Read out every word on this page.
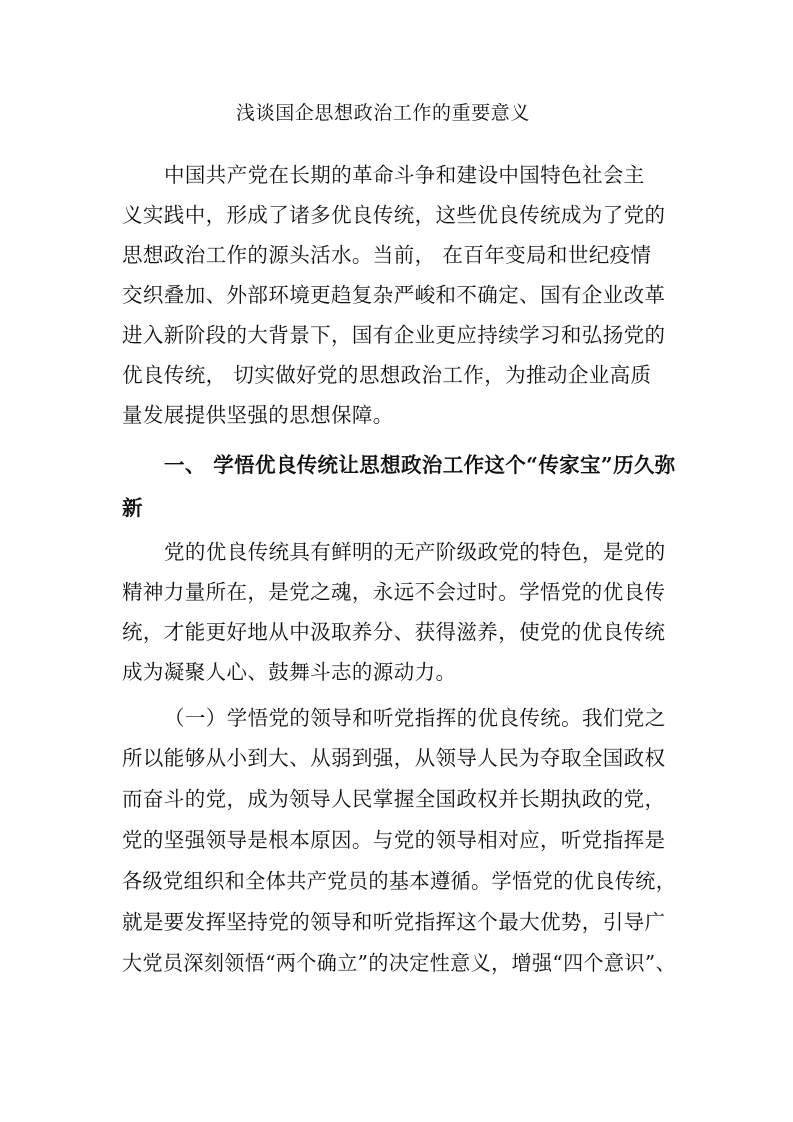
浅谈国企思想政治工作的重要意义
中国共产党在长期的革命斗争和建设中国特色社会主
义实践中，形成了诸多优良传统，这些优良传统成为了党的
思想政治工作的源头活水。当前， 在百年变局和世纪疫情
交织叠加、外部环境更趋复杂严峻和不确定、国有企业改革
进入新阶段的大背景下，国有企业更应持续学习和弘扬党的
优良传统， 切实做好党的思想政治工作，为推动企业高质
量发展提供坚强的思想保障。
一、 学悟优良传统让思想政治工作这个“传家宝”历久弥
新
党的优良传统具有鲜明的无产阶级政党的特色，是党的
精神力量所在，是党之魂，永远不会过时。学悟党的优良传
统，才能更好地从中汲取养分、获得滋养，使党的优良传统
成为凝聚人心、鼓舞斗志的源动力。
（一）学悟党的领导和听党指挥的优良传统。我们党之
所以能够从小到大、从弱到强，从领导人民为夺取全国政权
而奋斗的党，成为领导人民掌握全国政权并长期执政的党，
党的坚强领导是根本原因。与党的领导相对应，听党指挥是
各级党组织和全体共产党员的基本遵循。学悟党的优良传统，
就是要发挥坚持党的领导和听党指挥这个最大优势，引导广
大党员深刻领悟“两个确立”的决定性意义，增强“四个意识”、
